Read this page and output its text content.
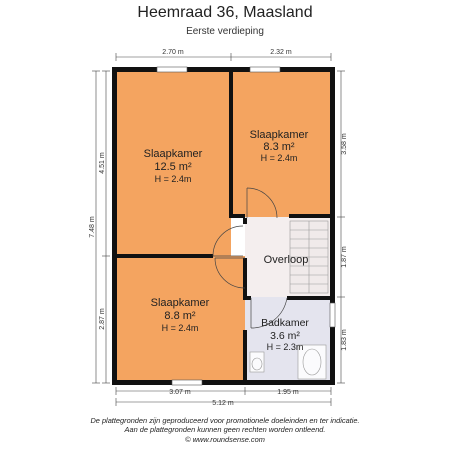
Heemraad 36, Maasland
Eerste verdieping
Slaapkamer
12.5 m²
H = 2.4m
Slaapkamer
8.3 m²
H = 2.4m
Overloop
Slaapkamer
8.8 m²
H = 2.4m	Badkamer
3.6 m²
H = 2.3m
2.70 m	2.32 m
3.07 m	1.95 m
5.12 m
4.51 m
2.87 m
7.48 m
3.58 m
1.87 m
1.83 m
De plattegronden zijn geproduceerd voor promotionele doeleinden en ter indicatie.
Aan de plattegronden kunnen geen rechten worden ontleend.
© www.roundsense.com
